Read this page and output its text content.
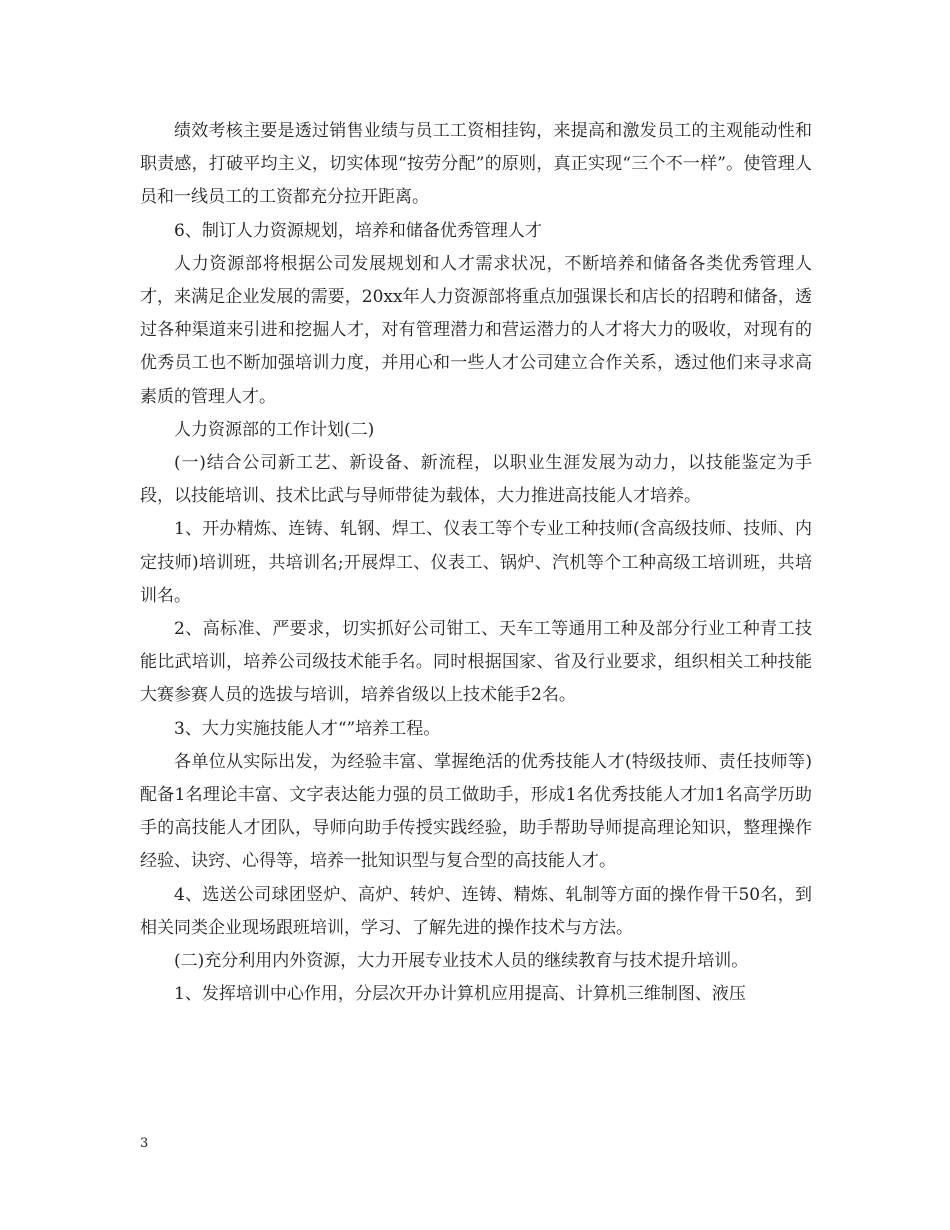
绩效考核主要是透过销售业绩与员工工资相挂钩，来提高和激发员工的主观能动性和职责感，打破平均主义，切实体现“按劳分配”的原则，真正实现“三个不一样”。使管理人员和一线员工的工资都充分拉开距离。

6、制订人力资源规划，培养和储备优秀管理人才

人力资源部将根据公司发展规划和人才需求状况，不断培养和储备各类优秀管理人才，来满足企业发展的需要，20xx年人力资源部将重点加强课长和店长的招聘和储备，透过各种渠道来引进和挖掘人才，对有管理潜力和营运潜力的人才将大力的吸收，对现有的优秀员工也不断加强培训力度，并用心和一些人才公司建立合作关系，透过他们来寻求高素质的管理人才。

人力资源部的工作计划(二)

(一)结合公司新工艺、新设备、新流程，以职业生涯发展为动力，以技能鉴定为手段，以技能培训、技术比武与导师带徒为载体，大力推进高技能人才培养。

1、开办精炼、连铸、轧钢、焊工、仪表工等个专业工种技师(含高级技师、技师、内定技师)培训班，共培训名;开展焊工、仪表工、锅炉、汽机等个工种高级工培训班，共培训名。

2、高标准、严要求，切实抓好公司钳工、天车工等通用工种及部分行业工种青工技能比武培训，培养公司级技术能手名。同时根据国家、省及行业要求，组织相关工种技能大赛参赛人员的选拔与培训，培养省级以上技术能手2名。

3、大力实施技能人才“”培养工程。

各单位从实际出发，为经验丰富、掌握绝活的优秀技能人才(特级技师、责任技师等)配备1名理论丰富、文字表达能力强的员工做助手，形成1名优秀技能人才加1名高学历助手的高技能人才团队，导师向助手传授实践经验，助手帮助导师提高理论知识，整理操作经验、诀窍、心得等，培养一批知识型与复合型的高技能人才。

4、选送公司球团竖炉、高炉、转炉、连铸、精炼、轧制等方面的操作骨干50名，到相关同类企业现场跟班培训，学习、了解先进的操作技术与方法。

(二)充分利用内外资源，大力开展专业技术人员的继续教育与技术提升培训。

1、发挥培训中心作用，分层次开办计算机应用提高、计算机三维制图、液压

3
